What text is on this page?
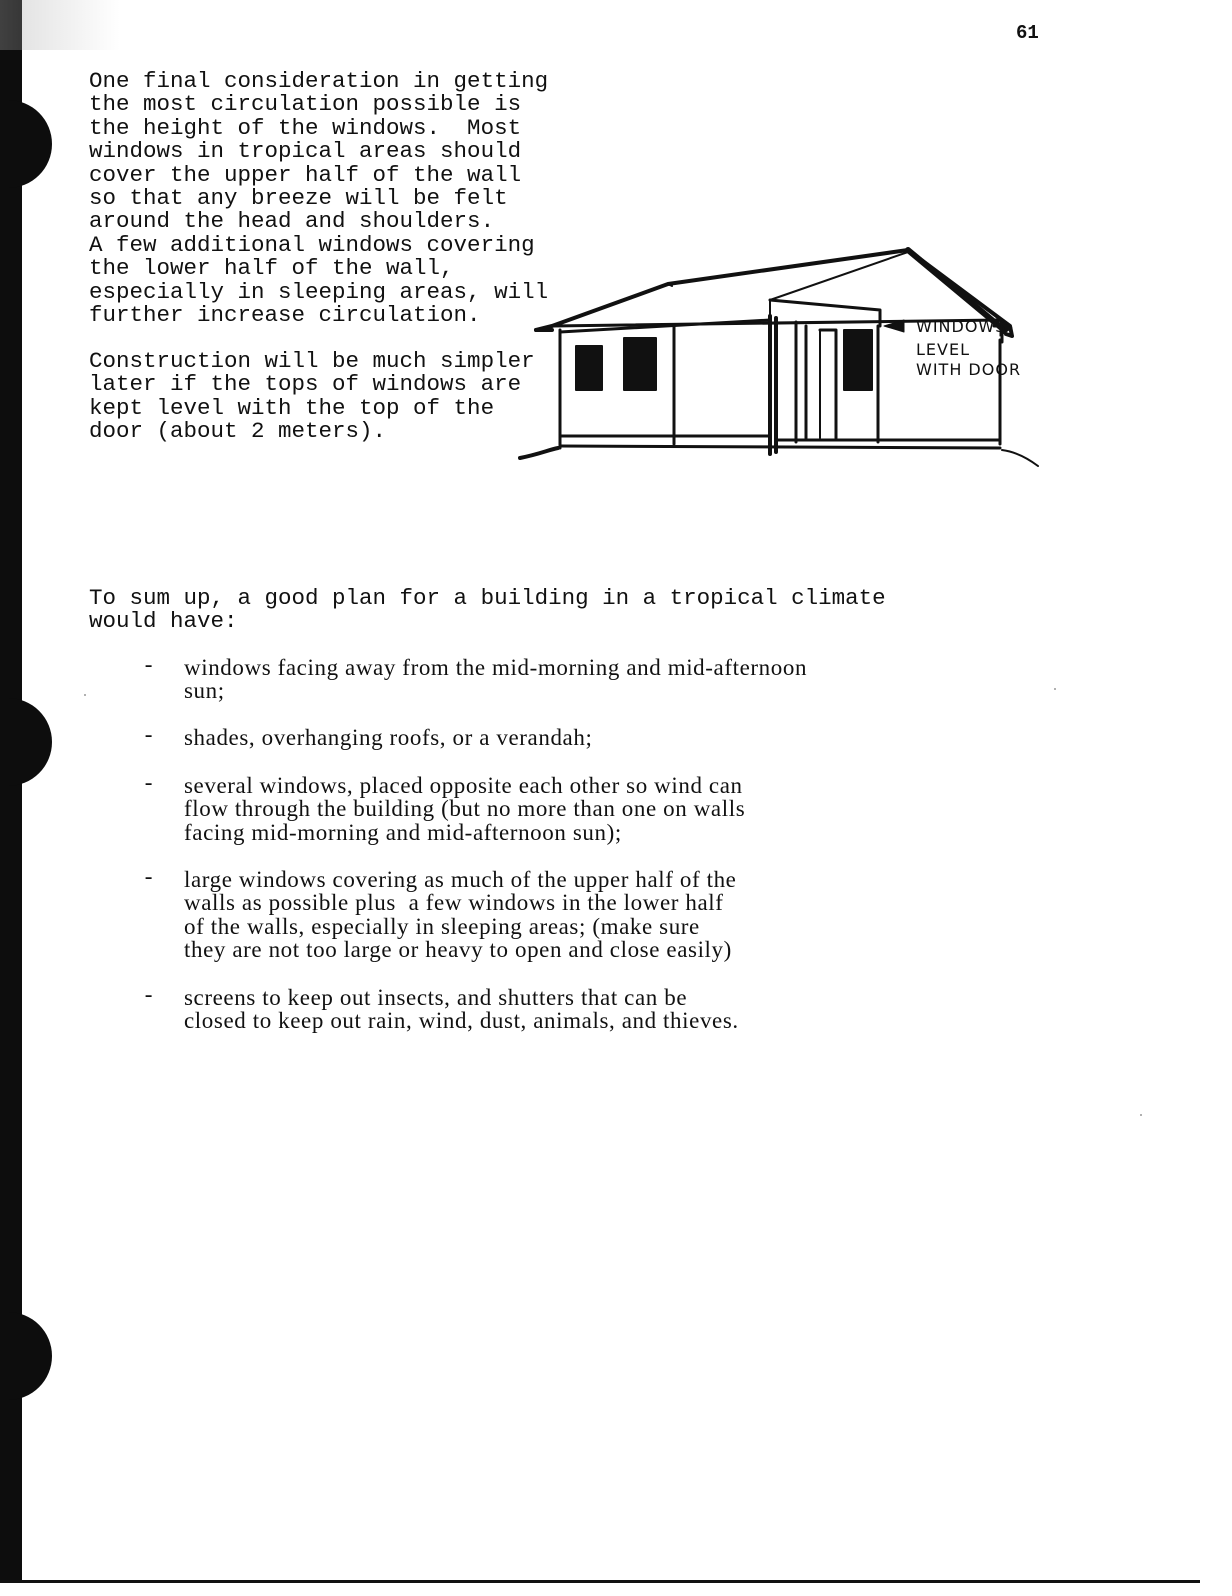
61
One final consideration in getting
the most circulation possible is
the height of the windows.  Most
windows in tropical areas should
cover the upper half of the wall
so that any breeze will be felt
around the head and shoulders.
A few additional windows covering
the lower half of the wall,
especially in sleeping areas, will
further increase circulation.
Construction will be much simpler
later if the tops of windows are
kept level with the top of the
door (about 2 meters).
WINDOWS
LEVEL
WITH DOOR
To sum up, a good plan for a building in a tropical climate
would have:
- windows facing away from the mid-morning and mid-afternoon
sun;
- shades, overhanging roofs, or a verandah;
- several windows, placed opposite each other so wind can
flow through the building (but no more than one on walls
facing mid-morning and mid-afternoon sun);
- large windows covering as much of the upper half of the
walls as possible plus  a few windows in the lower half
of the walls, especially in sleeping areas; (make sure
they are not too large or heavy to open and close easily)
- screens to keep out insects, and shutters that can be
closed to keep out rain, wind, dust, animals, and thieves.
